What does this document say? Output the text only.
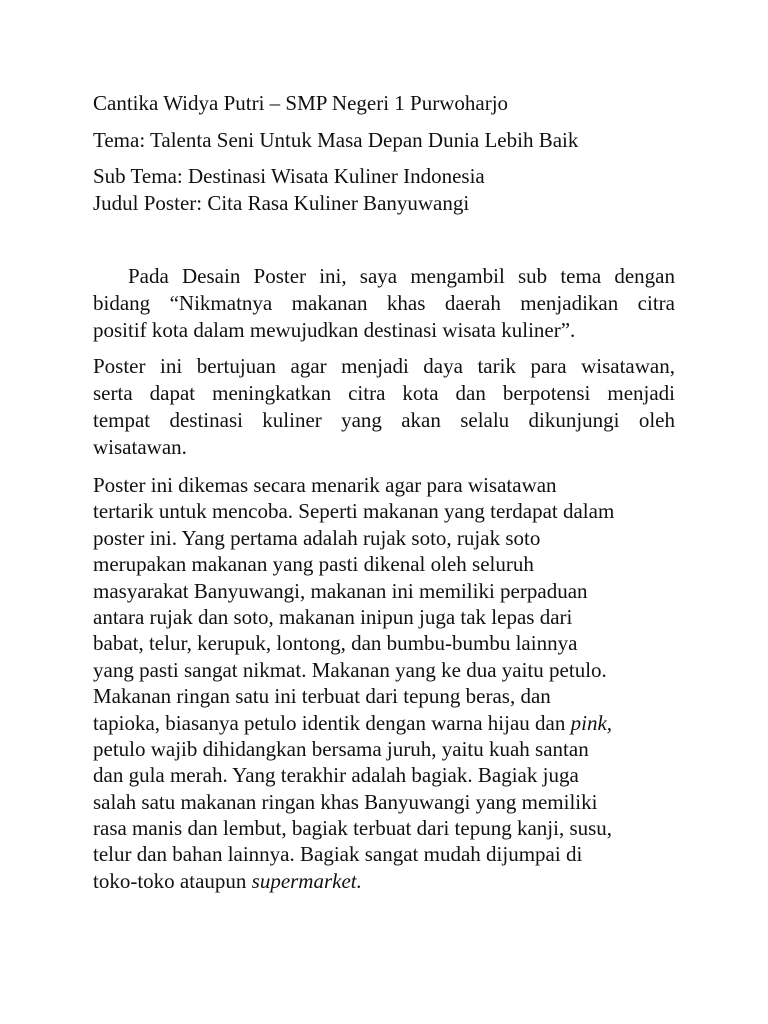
Cantika Widya Putri – SMP Negeri 1 Purwoharjo
Tema: Talenta Seni Untuk Masa Depan Dunia Lebih Baik
Sub Tema: Destinasi Wisata Kuliner Indonesia
Judul Poster: Cita Rasa Kuliner Banyuwangi
Pada Desain Poster ini, saya mengambil sub tema dengan
bidang “Nikmatnya makanan khas daerah menjadikan citra
positif kota dalam mewujudkan destinasi wisata kuliner”.
Poster ini bertujuan agar menjadi daya tarik para wisatawan,
serta dapat meningkatkan citra kota dan berpotensi menjadi
tempat destinasi kuliner yang akan selalu dikunjungi oleh
wisatawan.
Poster ini dikemas secara menarik agar para wisatawan
tertarik untuk mencoba. Seperti makanan yang terdapat dalam
poster ini. Yang pertama adalah rujak soto, rujak soto
merupakan makanan yang pasti dikenal oleh seluruh
masyarakat Banyuwangi, makanan ini memiliki perpaduan
antara rujak dan soto, makanan inipun juga tak lepas dari
babat, telur, kerupuk, lontong, dan bumbu-bumbu lainnya
yang pasti sangat nikmat. Makanan yang ke dua yaitu petulo.
Makanan ringan satu ini terbuat dari tepung beras, dan
tapioka, biasanya petulo identik dengan warna hijau dan pink,
petulo wajib dihidangkan bersama juruh, yaitu kuah santan
dan gula merah. Yang terakhir adalah bagiak. Bagiak juga
salah satu makanan ringan khas Banyuwangi yang memiliki
rasa manis dan lembut, bagiak terbuat dari tepung kanji, susu,
telur dan bahan lainnya. Bagiak sangat mudah dijumpai di
toko-toko ataupun supermarket.
